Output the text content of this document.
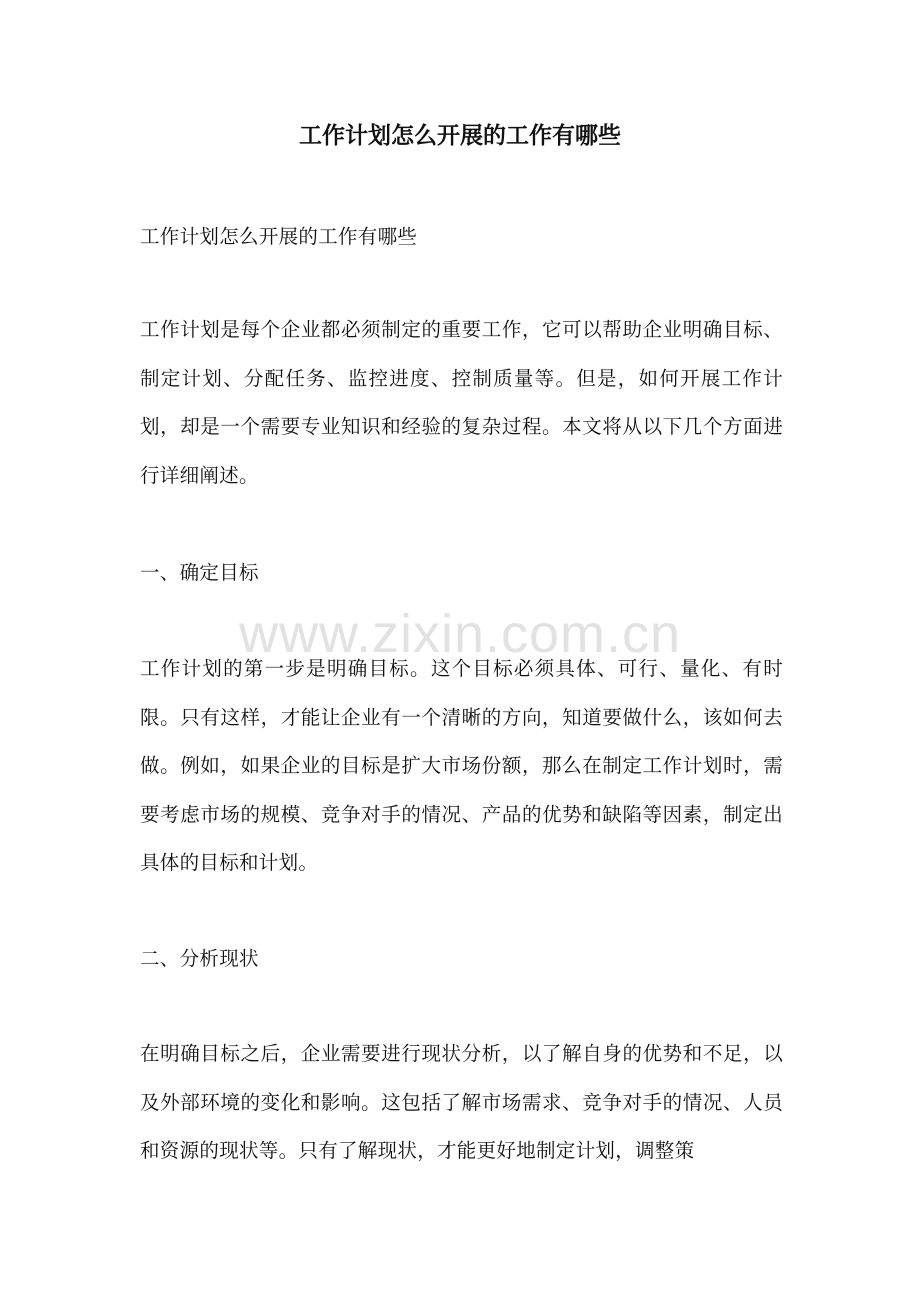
工作计划怎么开展的工作有哪些

工作计划怎么开展的工作有哪些

工作计划是每个企业都必须制定的重要工作，它可以帮助企业明确目标、制定计划、分配任务、监控进度、控制质量等。但是，如何开展工作计划，却是一个需要专业知识和经验的复杂过程。本文将从以下几个方面进行详细阐述。

一、确定目标

工作计划的第一步是明确目标。这个目标必须具体、可行、量化、有时限。只有这样，才能让企业有一个清晰的方向，知道要做什么，该如何去做。例如，如果企业的目标是扩大市场份额，那么在制定工作计划时，需要考虑市场的规模、竞争对手的情况、产品的优势和缺陷等因素，制定出具体的目标和计划。

二、分析现状

在明确目标之后，企业需要进行现状分析，以了解自身的优势和不足，以及外部环境的变化和影响。这包括了解市场需求、竞争对手的情况、人员和资源的现状等。只有了解现状，才能更好地制定计划，调整策

www.zixin.com.cn
